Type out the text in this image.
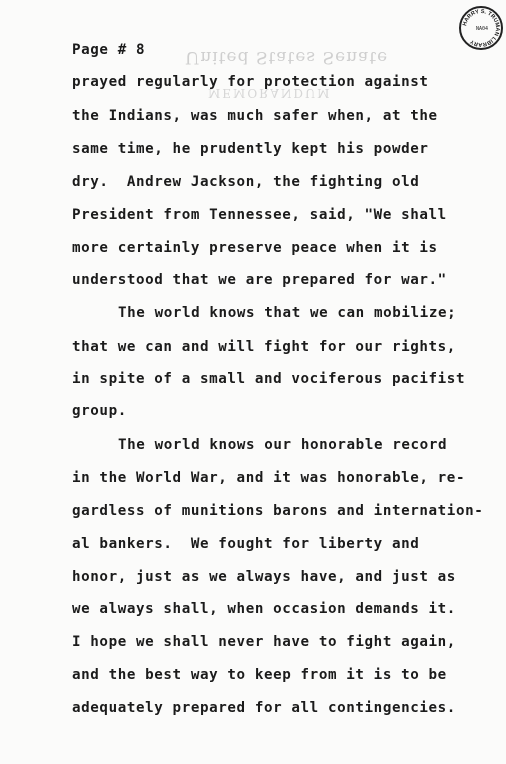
HARRY S. TRUMAN LIBRARY
NA04
United States Senate
MEMORANDUM
Page # 8
prayed regularly for protection against
the Indians, was much safer when, at the
same time, he prudently kept his powder
dry.  Andrew Jackson, the fighting old
President from Tennessee, said, "We shall
more certainly preserve peace when it is
understood that we are prepared for war."
The world knows that we can mobilize;
that we can and will fight for our rights,
in spite of a small and vociferous pacifist
group.
The world knows our honorable record
in the World War, and it was honorable, re-
gardless of munitions barons and internation-
al bankers.  We fought for liberty and
honor, just as we always have, and just as
we always shall, when occasion demands it.
I hope we shall never have to fight again,
and the best way to keep from it is to be
adequately prepared for all contingencies.
